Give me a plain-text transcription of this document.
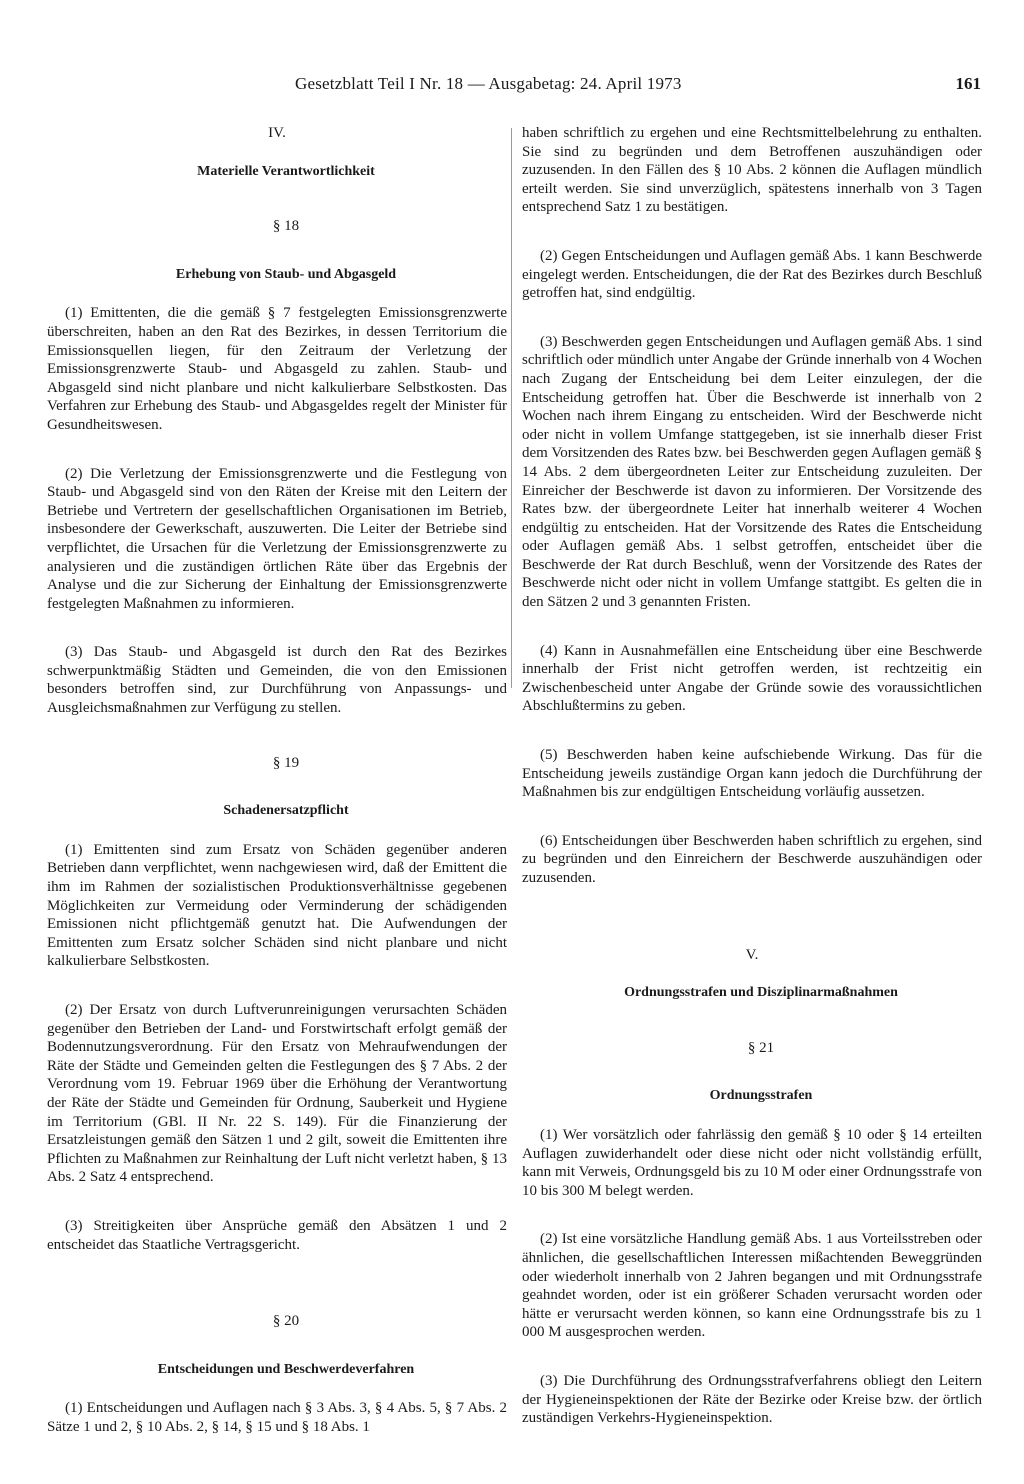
Gesetzblatt Teil I Nr. 18 — Ausgabetag: 24. April 1973	161

IV.

Materielle Verantwortlichkeit

§ 18

Erhebung von Staub- und Abgasgeld

(1) Emittenten, die die gemäß § 7 festgelegten Emissionsgrenzwerte überschreiten, haben an den Rat des Bezirkes, in dessen Territorium die Emissionsquellen liegen, für den Zeitraum der Verletzung der Emissionsgrenzwerte Staub- und Abgasgeld zu zahlen. Staub- und Abgasgeld sind nicht planbare und nicht kalkulierbare Selbstkosten. Das Verfahren zur Erhebung des Staub- und Abgasgeldes regelt der Minister für Gesundheitswesen.

(2) Die Verletzung der Emissionsgrenzwerte und die Festlegung von Staub- und Abgasgeld sind von den Räten der Kreise mit den Leitern der Betriebe und Vertretern der gesellschaftlichen Organisationen im Betrieb, insbesondere der Gewerkschaft, auszuwerten. Die Leiter der Betriebe sind verpflichtet, die Ursachen für die Verletzung der Emissionsgrenzwerte zu analysieren und die zuständigen örtlichen Räte über das Ergebnis der Analyse und die zur Sicherung der Einhaltung der Emissionsgrenzwerte festgelegten Maßnahmen zu informieren.

(3) Das Staub- und Abgasgeld ist durch den Rat des Bezirkes schwerpunktmäßig Städten und Gemeinden, die von den Emissionen besonders betroffen sind, zur Durchführung von Anpassungs- und Ausgleichsmaßnahmen zur Verfügung zu stellen.

§ 19

Schadenersatzpflicht

(1) Emittenten sind zum Ersatz von Schäden gegenüber anderen Betrieben dann verpflichtet, wenn nachgewiesen wird, daß der Emittent die ihm im Rahmen der sozialistischen Produktionsverhältnisse gegebenen Möglichkeiten zur Vermeidung oder Verminderung der schädigenden Emissionen nicht pflichtgemäß genutzt hat. Die Aufwendungen der Emittenten zum Ersatz solcher Schäden sind nicht planbare und nicht kalkulierbare Selbstkosten.

(2) Der Ersatz von durch Luftverunreinigungen verursachten Schäden gegenüber den Betrieben der Land- und Forstwirtschaft erfolgt gemäß der Bodennutzungsverordnung. Für den Ersatz von Mehraufwendungen der Räte der Städte und Gemeinden gelten die Festlegungen des § 7 Abs. 2 der Verordnung vom 19. Februar 1969 über die Erhöhung der Verantwortung der Räte der Städte und Gemeinden für Ordnung, Sauberkeit und Hygiene im Territorium (GBl. II Nr. 22 S. 149). Für die Finanzierung der Ersatzleistungen gemäß den Sätzen 1 und 2 gilt, soweit die Emittenten ihre Pflichten zu Maßnahmen zur Reinhaltung der Luft nicht verletzt haben, § 13 Abs. 2 Satz 4 entsprechend.

(3) Streitigkeiten über Ansprüche gemäß den Absätzen 1 und 2 entscheidet das Staatliche Vertragsgericht.

§ 20

Entscheidungen und Beschwerdeverfahren

(1) Entscheidungen und Auflagen nach § 3 Abs. 3, § 4 Abs. 5, § 7 Abs. 2 Sätze 1 und 2, § 10 Abs. 2, § 14, § 15 und § 18 Abs. 1

haben schriftlich zu ergehen und eine Rechtsmittelbelehrung zu enthalten. Sie sind zu begründen und dem Betroffenen auszuhändigen oder zuzusenden. In den Fällen des § 10 Abs. 2 können die Auflagen mündlich erteilt werden. Sie sind unverzüglich, spätestens innerhalb von 3 Tagen entsprechend Satz 1 zu bestätigen.

(2) Gegen Entscheidungen und Auflagen gemäß Abs. 1 kann Beschwerde eingelegt werden. Entscheidungen, die der Rat des Bezirkes durch Beschluß getroffen hat, sind endgültig.

(3) Beschwerden gegen Entscheidungen und Auflagen gemäß Abs. 1 sind schriftlich oder mündlich unter Angabe der Gründe innerhalb von 4 Wochen nach Zugang der Entscheidung bei dem Leiter einzulegen, der die Entscheidung getroffen hat. Über die Beschwerde ist innerhalb von 2 Wochen nach ihrem Eingang zu entscheiden. Wird der Beschwerde nicht oder nicht in vollem Umfange stattgegeben, ist sie innerhalb dieser Frist dem Vorsitzenden des Rates bzw. bei Beschwerden gegen Auflagen gemäß § 14 Abs. 2 dem übergeordneten Leiter zur Entscheidung zuzuleiten. Der Einreicher der Beschwerde ist davon zu informieren. Der Vorsitzende des Rates bzw. der übergeordnete Leiter hat innerhalb weiterer 4 Wochen endgültig zu entscheiden. Hat der Vorsitzende des Rates die Entscheidung oder Auflagen gemäß Abs. 1 selbst getroffen, entscheidet über die Beschwerde der Rat durch Beschluß, wenn der Vorsitzende des Rates der Beschwerde nicht oder nicht in vollem Umfange stattgibt. Es gelten die in den Sätzen 2 und 3 genannten Fristen.

(4) Kann in Ausnahmefällen eine Entscheidung über eine Beschwerde innerhalb der Frist nicht getroffen werden, ist rechtzeitig ein Zwischenbescheid unter Angabe der Gründe sowie des voraussichtlichen Abschlußtermins zu geben.

(5) Beschwerden haben keine aufschiebende Wirkung. Das für die Entscheidung jeweils zuständige Organ kann jedoch die Durchführung der Maßnahmen bis zur endgültigen Entscheidung vorläufig aussetzen.

(6) Entscheidungen über Beschwerden haben schriftlich zu ergehen, sind zu begründen und den Einreichern der Beschwerde auszuhändigen oder zuzusenden.

V.

Ordnungsstrafen und Disziplinarmaßnahmen

§ 21

Ordnungsstrafen

(1) Wer vorsätzlich oder fahrlässig den gemäß § 10 oder § 14 erteilten Auflagen zuwiderhandelt oder diese nicht oder nicht vollständig erfüllt, kann mit Verweis, Ordnungsgeld bis zu 10 M oder einer Ordnungsstrafe von 10 bis 300 M belegt werden.

(2) Ist eine vorsätzliche Handlung gemäß Abs. 1 aus Vorteilsstreben oder ähnlichen, die gesellschaftlichen Interessen mißachtenden Beweggründen oder wiederholt innerhalb von 2 Jahren begangen und mit Ordnungsstrafe geahndet worden, oder ist ein größerer Schaden verursacht worden oder hätte er verursacht werden können, so kann eine Ordnungsstrafe bis zu 1 000 M ausgesprochen werden.

(3) Die Durchführung des Ordnungsstrafverfahrens obliegt den Leitern der Hygieneinspektionen der Räte der Bezirke oder Kreise bzw. der örtlich zuständigen Verkehrs-Hygieneinspektion.
